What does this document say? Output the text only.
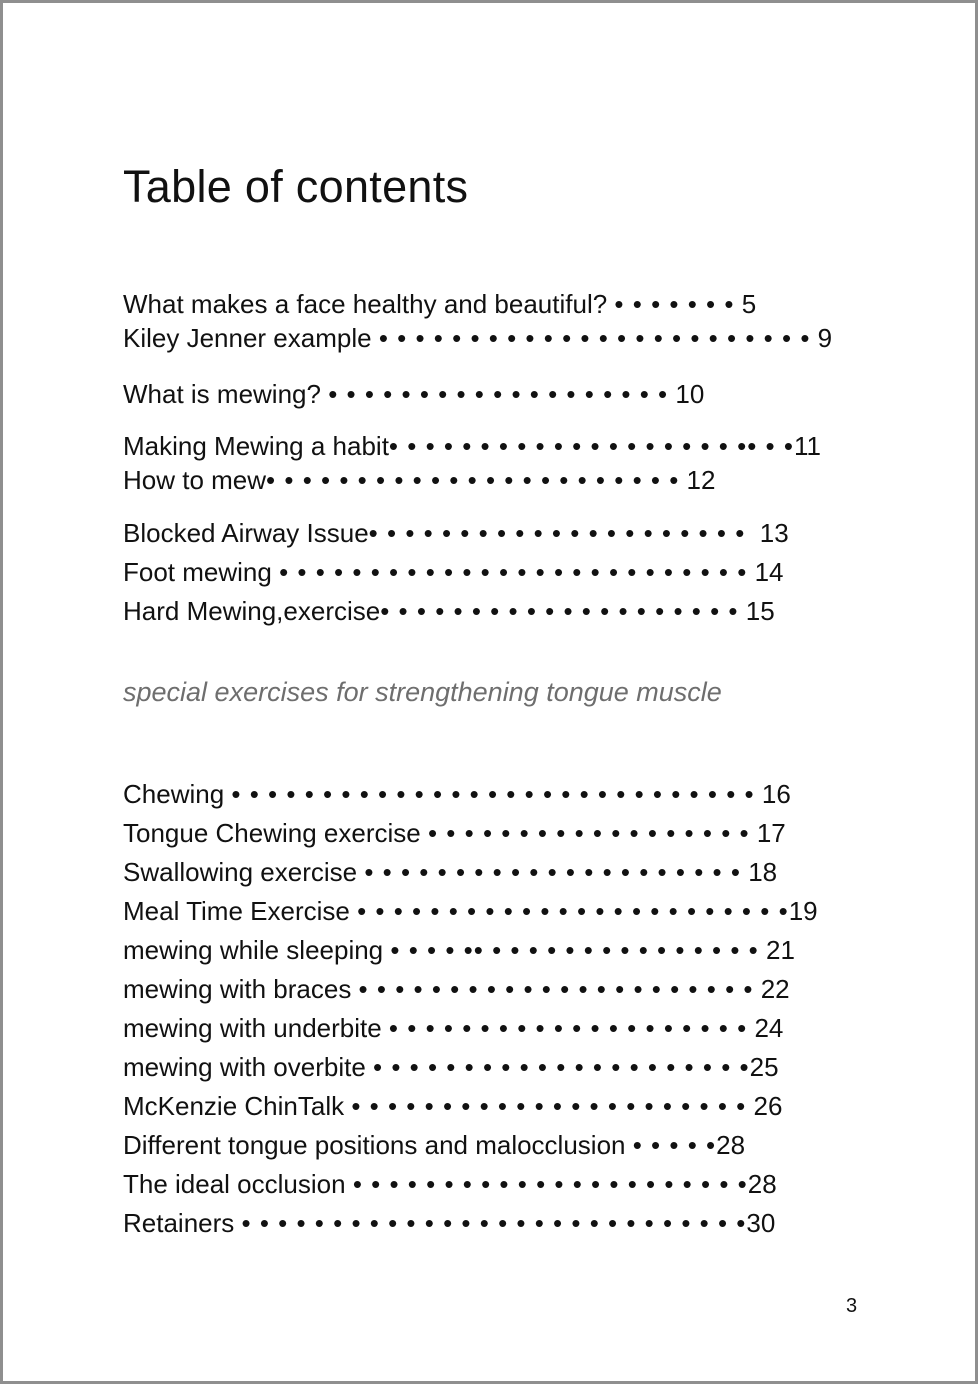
Table of contents
What makes a face healthy and beautiful? • • • • • • • 5
Kiley Jenner example • • • • • • • • • • • • • • • • • • • • • • • • 9
What is mewing? • • • • • • • • • • • • • • • • • • • 10
Making Mewing a habit• • • • • • • • • • • • • • • • • • • •• • •11
How to mew• • • • • • • • • • • • • • • • • • • • • • • 12
Blocked Airway Issue• • • • • • • • • • • • • • • • • • • • •  13
Foot mewing • • • • • • • • • • • • • • • • • • • • • • • • • • 14
Hard Mewing,exercise• • • • • • • • • • • • • • • • • • • • 15
special exercises for strengthening tongue muscle
Chewing • • • • • • • • • • • • • • • • • • • • • • • • • • • • • 16
Tongue Chewing exercise • • • • • • • • • • • • • • • • • • 17
Swallowing exercise • • • • • • • • • • • • • • • • • • • • • 18
Meal Time Exercise • • • • • • • • • • • • • • • • • • • • • • • •19
mewing while sleeping • • • • •• • • • • • • • • • • • • • • • 21
mewing with braces • • • • • • • • • • • • • • • • • • • • • • 22
mewing with underbite • • • • • • • • • • • • • • • • • • • • 24
mewing with overbite • • • • • • • • • • • • • • • • • • • • •25
McKenzie ChinTalk • • • • • • • • • • • • • • • • • • • • • • 26
Different tongue positions and malocclusion • • • • •28
The ideal occlusion • • • • • • • • • • • • • • • • • • • • • •28
Retainers • • • • • • • • • • • • • • • • • • • • • • • • • • • •30
3
